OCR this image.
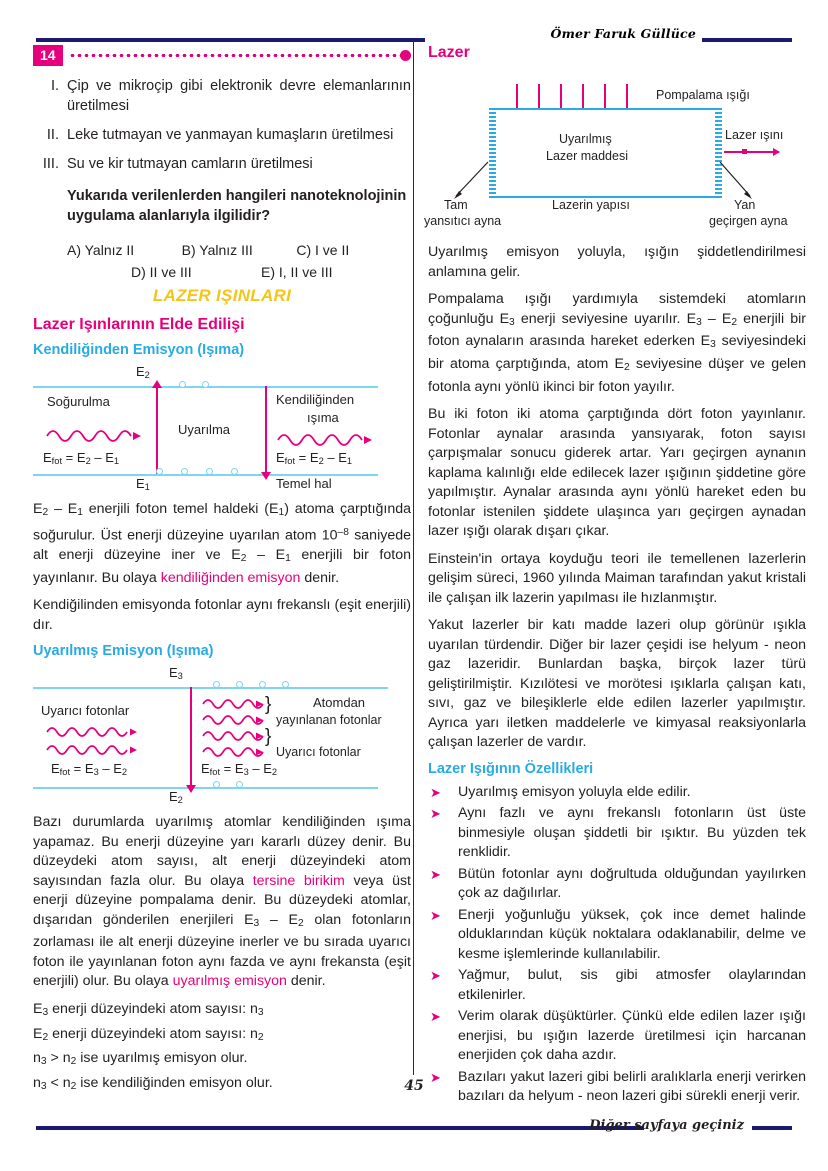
Ömer Faruk Güllüce
14
I. Çip ve mikroçip gibi elektronik devre elemanlarının üretilmesi
II. Leke tutmayan ve yanmayan kumaşların üretilmesi
III. Su ve kir tutmayan camların üretilmesi
Yukarıda verilenlerden hangileri nanoteknolojinin uygulama alanlarıyla ilgilidir?
A) Yalnız II	B) Yalnız III	C) I ve II
D) II ve III	E) I, II ve III
LAZER IŞINLARI
Lazer Işınlarının Elde Edilişi
Kendiliğinden Emisyon (Işıma)
$E_2$
$E_1$
Soğurulma
Uyarılma
Kendiliğinden
ışıma
Temel hal
$E_{fot} = E_2 - E_1$	$E_{fot} = E_2 - E_1$

$E_2 - E_1$ enerjili foton temel haldeki $(E_1)$ atoma çarptığında soğurulur. Üst enerji düzeyine uyarılan atom $10^{-8}$ saniyede alt enerji düzeyine iner ve $E_2 - E_1$ enerjili bir foton yayınlanır. Bu olaya kendiliğinden emisyon denir.

Kendiğilinden emisyonda fotonlar aynı frekanslı (eşit enerjili) dır.

Uyarılmış Emisyon (Işıma)
$E_3$
$E_2$
Uyarıcı fotonlar
Atomdan
yayınlanan fotonlar
Uyarıcı fotonlar
}
}
$E_{fot} = E_3 - E_2$	$E_{fot} = E_3 - E_2$

Bazı durumlarda uyarılmış atomlar kendiliğinden ışıma yapamaz. Bu enerji düzeyine yarı kararlı düzey denir. Bu düzeydeki atom sayısı, alt enerji düzeyindeki atom sayısından fazla olur. Bu olaya tersine birikim veya üst enerji düzeyine pompalama denir. Bu düzeydeki atomlar, dışarıdan gönderilen enerjileri $E_3 - E_2$ olan fotonların zorlaması ile alt enerji düzeyine inerler ve bu sırada uyarıcı foton ile yayınlanan foton aynı fazda ve aynı frekansta (eşit enerjili) olur. Bu olaya uyarılmış emisyon denir.

$E_3$ enerji düzeyindeki atom sayısı: $n_3$

$E_2$ enerji düzeyindeki atom sayısı: $n_2$

$n_3 > n_2$ ise uyarılmış emisyon olur.

$n_3 < n_2$ ise kendiliğinden emisyon olur.

Lazer
Pompalama ışığı
Uyarılmış
Lazer maddesi
Lazer ışını
Tam
yansıtıcı ayna
Lazerin yapısı	Yan
geçirgen ayna

Uyarılmış emisyon yoluyla, ışığın şiddetlendirilmesi anlamına gelir.

Pompalama ışığı yardımıyla sistemdeki atomların çoğunluğu $E_3$ enerji seviyesine uyarılır. $E_3 - E_2$ enerjili bir foton aynaların arasında hareket ederken $E_3$ seviyesindeki bir atoma çarptığında, atom $E_2$ seviyesine düşer ve gelen fotonla aynı yönlü ikinci bir foton yayılır.

Bu iki foton iki atoma çarptığında dört foton yayınlanır. Fotonlar aynalar arasında yansıyarak, foton sayısı çarpışmalar sonucu giderek artar. Yarı geçirgen aynanın kaplama kalınlığı elde edilecek lazer ışığının şiddetine göre yapılmıştır. Aynalar arasında aynı yönlü hareket eden bu fotonlar istenilen şiddete ulaşınca yarı geçirgen aynadan lazer ışığı olarak dışarı çıkar.

Einstein'in ortaya koyduğu teori ile temellenen lazerlerin gelişim süreci, 1960 yılında Maiman tarafından yakut kristali ile çalışan ilk lazerin yapılması ile hızlanmıştır.

Yakut lazerler bir katı madde lazeri olup görünür ışıkla uyarılan türdendir. Diğer bir lazer çeşidi ise helyum - neon gaz lazeridir. Bunlardan başka, birçok lazer türü geliştirilmiştir. Kızılötesi ve morötesi ışıklarla çalışan katı, sıvı, gaz ve bileşiklerle elde edilen lazerler yapılmıştır. Ayrıca yarı iletken maddelerle ve kimyasal reaksiyonlarla çalışan lazerler de vardır.

Lazer Işığının Özellikleri
➤	Uyarılmış emisyon yoluyla elde edilir.
➤	Aynı fazlı ve aynı frekanslı fotonların üst üste binmesiyle oluşan şiddetli bir ışıktır. Bu yüzden tek renklidir.
➤	Bütün fotonlar aynı doğrultuda olduğundan yayılırken çok az dağılırlar.
➤	Enerji yoğunluğu yüksek, çok ince demet halinde olduklarından küçük noktalara odaklanabilir, delme ve kesme işlemlerinde kullanılabilir.
➤	Yağmur, bulut, sis gibi atmosfer olaylarından etkilenirler.
➤	Verim olarak düşüktürler. Çünkü elde edilen lazer ışığı enerjisi, bu ışığın lazerde üretilmesi için harcanan enerjiden çok daha azdır.
➤	Bazıları yakut lazeri gibi belirli aralıklarla enerji verirken bazıları da helyum - neon lazeri gibi sürekli enerji verir.
45
Diğer sayfaya geçiniz
